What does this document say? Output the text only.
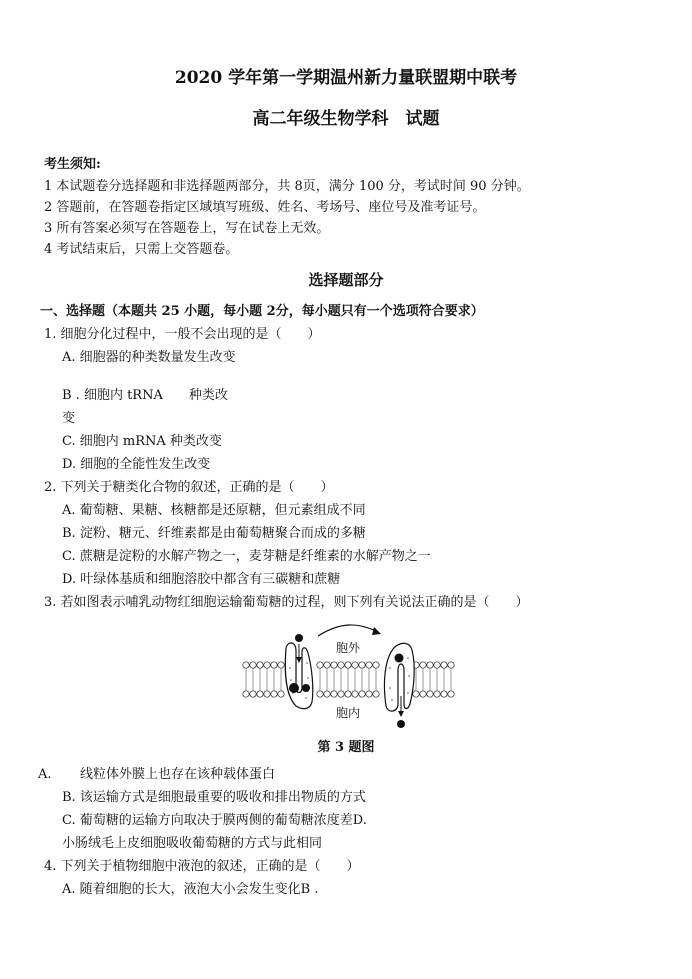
2020 学年第一学期温州新力量联盟期中联考
高二年级生物学科　试题
考生须知:
1 本试题卷分选择题和非选择题两部分，共 8页，满分 100 分，考试时间 90 分钟。
2 答题前，在答题卷指定区域填写班级、姓名、考场号、座位号及准考证号。
3 所有答案必须写在答题卷上，写在试卷上无效。
4 考试结束后，只需上交答题卷。
选择题部分
一、选择题（本题共 25 小题，每小题 2分，每小题只有一个选项符合要求）
1. 细胞分化过程中，一般不会出现的是（　　）
A. 细胞器的种类数量发生改变
B . 细胞内 tRNA　　种类改
变
C. 细胞内 mRNA 种类改变
D. 细胞的全能性发生改变
2. 下列关于糖类化合物的叙述，正确的是（　　）
A. 葡萄糖、果糖、核糖都是还原糖，但元素组成不同
B. 淀粉、糖元、纤维素都是由葡萄糖聚合而成的多糖
C. 蔗糖是淀粉的水解产物之一，麦芽糖是纤维素的水解产物之一
D. 叶绿体基质和细胞溶胶中都含有三碳糖和蔗糖
3. 若如图表示哺乳动物红细胞运输葡萄糖的过程，则下列有关说法正确的是（　　）
胞外
胞内
第 3 题图
A. 线粒体外膜上也存在该种载体蛋白
B. 该运输方式是细胞最重要的吸收和排出物质的方式
C. 葡萄糖的运输方向取决于膜两侧的葡萄糖浓度差D.
小肠绒毛上皮细胞吸收葡萄糖的方式与此相同
4. 下列关于植物细胞中液泡的叙述，正确的是（　　）
A. 随着细胞的长大，液泡大小会发生变化B .
